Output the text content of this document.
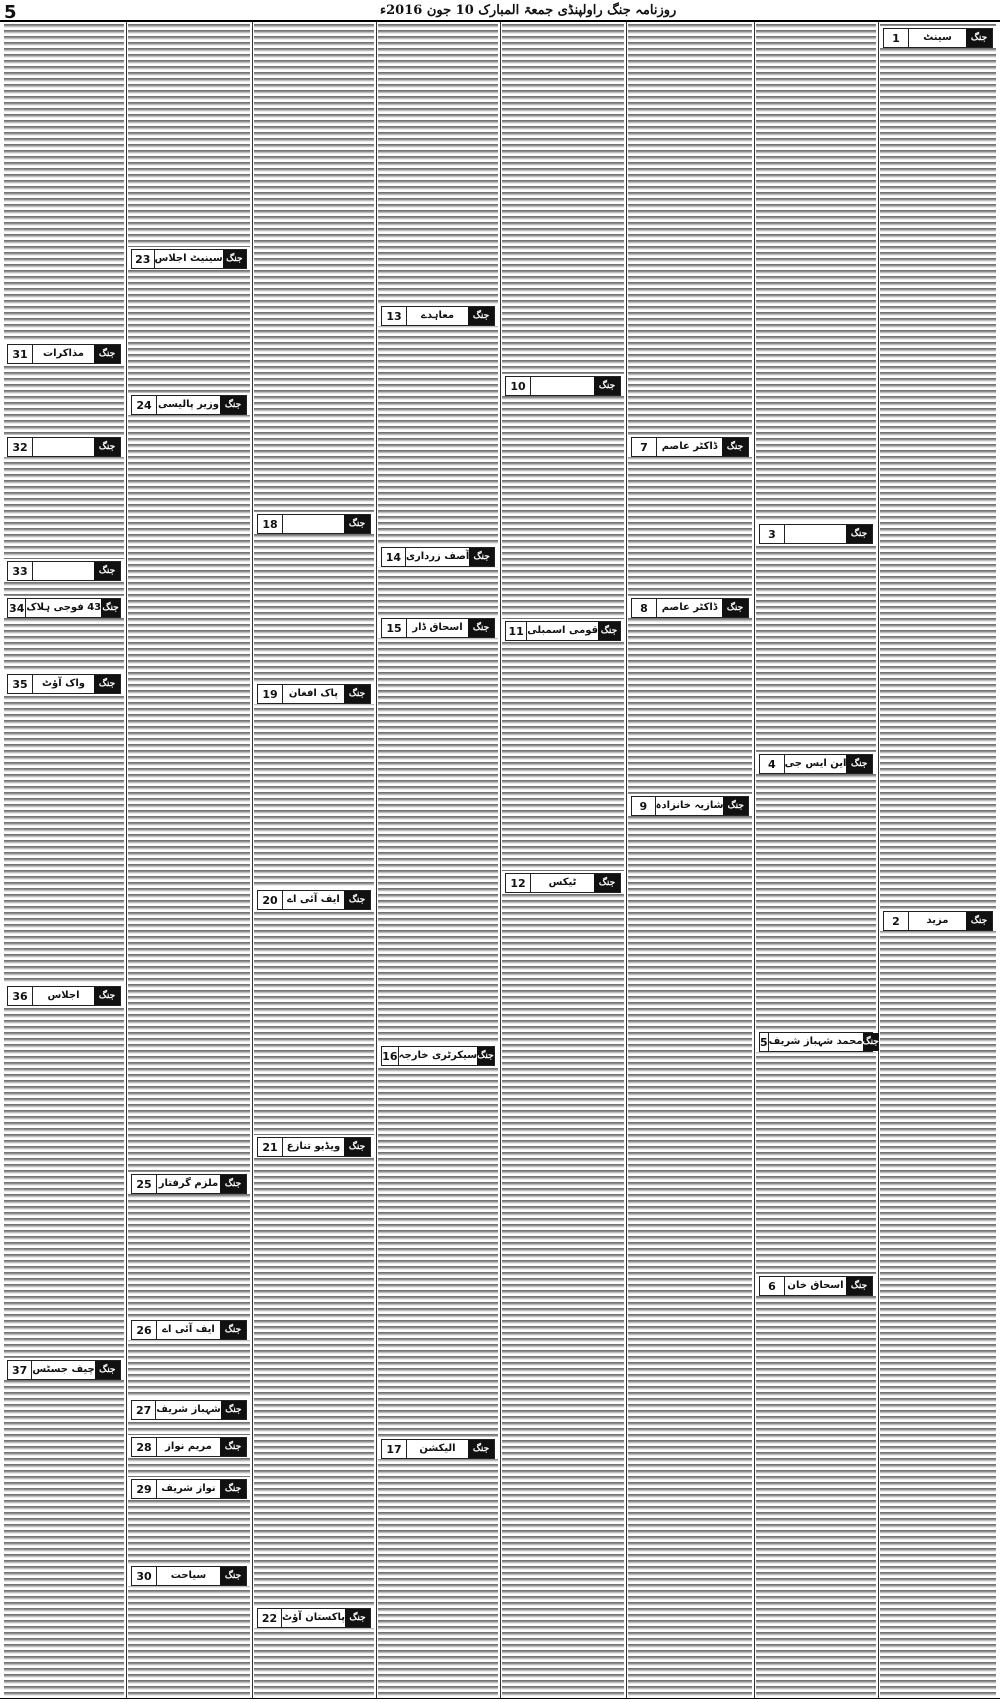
5	روزنامہ جنگ راولپنڈی جمعۃ المبارک 10 جون 2016ء
1	سینٹ	جنگ
2	مزید	جنگ
3	جنگ
4 این ایس جی جنگ
5 محمد شہباز شریف جنگ
6	اسحاق خان جنگ
7	ڈاکٹر عاصم	جنگ
8	ڈاکٹر عاصم	جنگ
9 شازیہ خانزادہ جنگ
10	جنگ
11 قومی اسمبلی جنگ
12	ٹیکس	جنگ
13	معاہدے	جنگ
14 آصف زرداری جنگ
15	اسحاق ڈار	جنگ
16 سیکرٹری خارجہ جنگ
17	الیکشن	جنگ
18	جنگ
19	پاک افغان	جنگ
20 ایف آئی اے	جنگ
21 ویڈیو تنازع جنگ
22 پاکستان آؤٹ جنگ
23 سینیٹ اجلاس جنگ
24 وزیر پالیسی جنگ
25 ملزم گرفتار جنگ
26	ایف آئی اے	جنگ
27 شہباز شریف جنگ
28	مریم نواز	جنگ
29 نواز شریف	جنگ
30	سیاحت	جنگ
31	مذاکرات	جنگ
32	جنگ
33	جنگ
34 43 فوجی ہلاک جنگ
35	واک آؤٹ	جنگ
36	اجلاس	جنگ
37 چیف جسٹس جنگ
